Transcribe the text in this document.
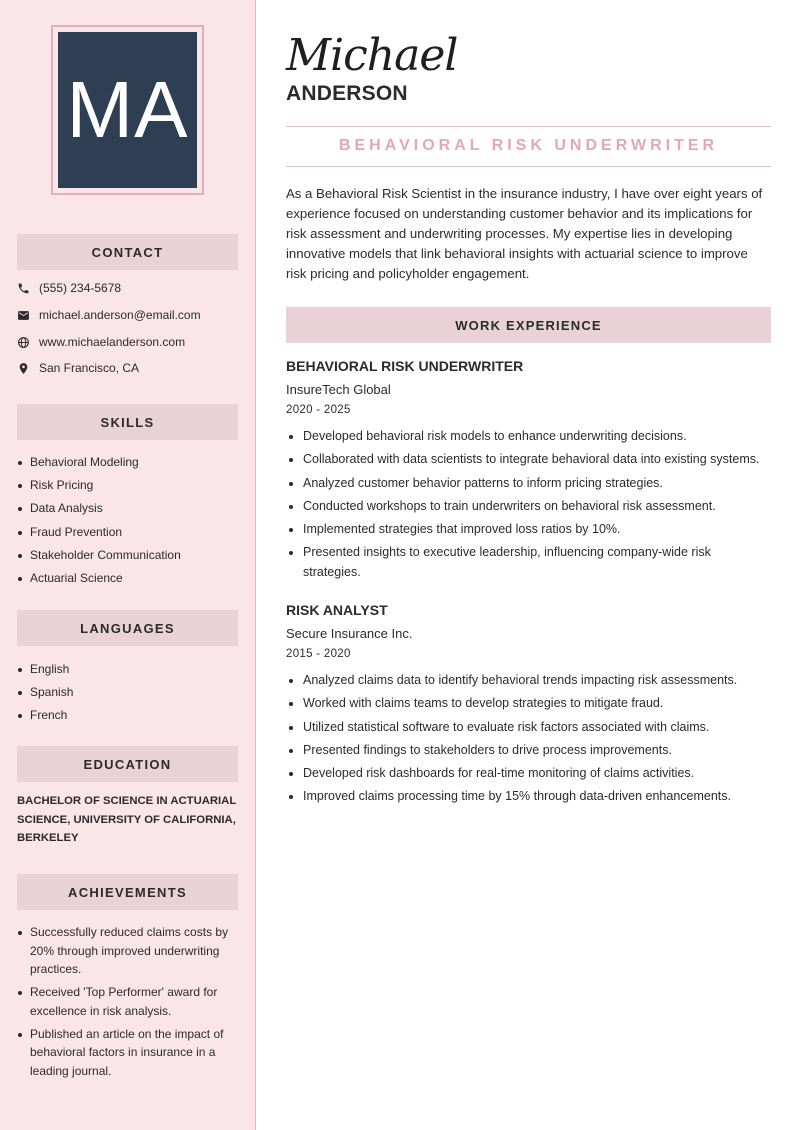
MA
CONTACT
(555) 234-5678
michael.anderson@email.com
www.michaelanderson.com
San Francisco, CA
SKILLS
Behavioral Modeling
Risk Pricing
Data Analysis
Fraud Prevention
Stakeholder Communication
Actuarial Science
LANGUAGES
English
Spanish
French
EDUCATION
BACHELOR OF SCIENCE IN ACTUARIAL SCIENCE, UNIVERSITY OF CALIFORNIA, BERKELEY
ACHIEVEMENTS
Successfully reduced claims costs by 20% through improved underwriting practices.
Received 'Top Performer' award for excellence in risk analysis.
Published an article on the impact of behavioral factors in insurance in a leading journal.
Michael
ANDERSON
BEHAVIORAL RISK UNDERWRITER

As a Behavioral Risk Scientist in the insurance industry, I have over eight years of experience focused on understanding customer behavior and its implications for risk assessment and underwriting processes. My expertise lies in developing innovative models that link behavioral insights with actuarial science to improve risk pricing and policyholder engagement.

WORK EXPERIENCE
BEHAVIORAL RISK UNDERWRITER
InsureTech Global
2020 - 2025
Developed behavioral risk models to enhance underwriting decisions.
Collaborated with data scientists to integrate behavioral data into existing systems.
Analyzed customer behavior patterns to inform pricing strategies.
Conducted workshops to train underwriters on behavioral risk assessment.
Implemented strategies that improved loss ratios by 10%.
Presented insights to executive leadership, influencing company-wide risk strategies.
RISK ANALYST
Secure Insurance Inc.
2015 - 2020
Analyzed claims data to identify behavioral trends impacting risk assessments.
Worked with claims teams to develop strategies to mitigate fraud.
Utilized statistical software to evaluate risk factors associated with claims.
Presented findings to stakeholders to drive process improvements.
Developed risk dashboards for real-time monitoring of claims activities.
Improved claims processing time by 15% through data-driven enhancements.
